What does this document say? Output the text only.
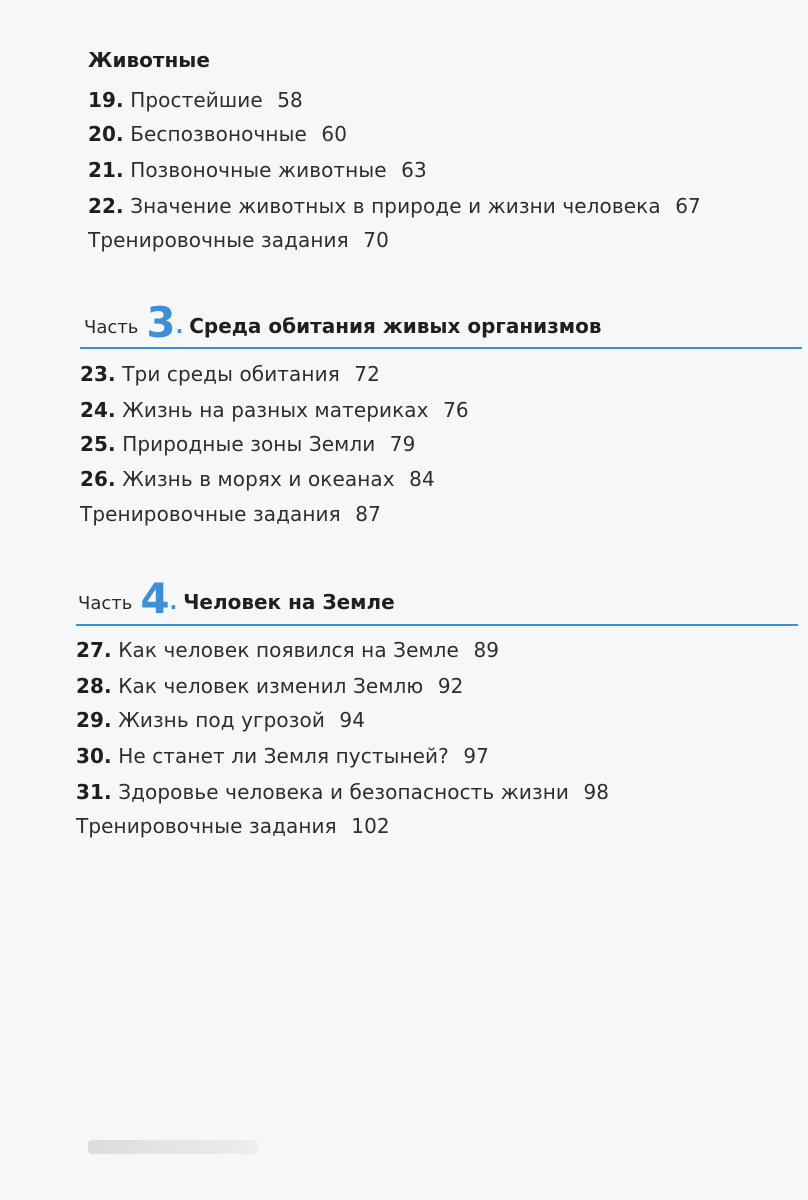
Животные
19. Простейшие 58
20. Беспозвоночные 60
21. Позвоночные животные 63
22. Значение животных в природе и жизни человека 67
Тренировочные задания 70
Часть 3. Среда обитания живых организмов
23. Три среды обитания 72
24. Жизнь на разных материках 76
25. Природные зоны Земли 79
26. Жизнь в морях и океанах 84
Тренировочные задания 87
Часть 4. Человек на Земле
27. Как человек появился на Земле 89
28. Как человек изменил Землю 92
29. Жизнь под угрозой 94
30. Не станет ли Земля пустыней? 97
31. Здоровье человека и безопасность жизни 98
Тренировочные задания 102
